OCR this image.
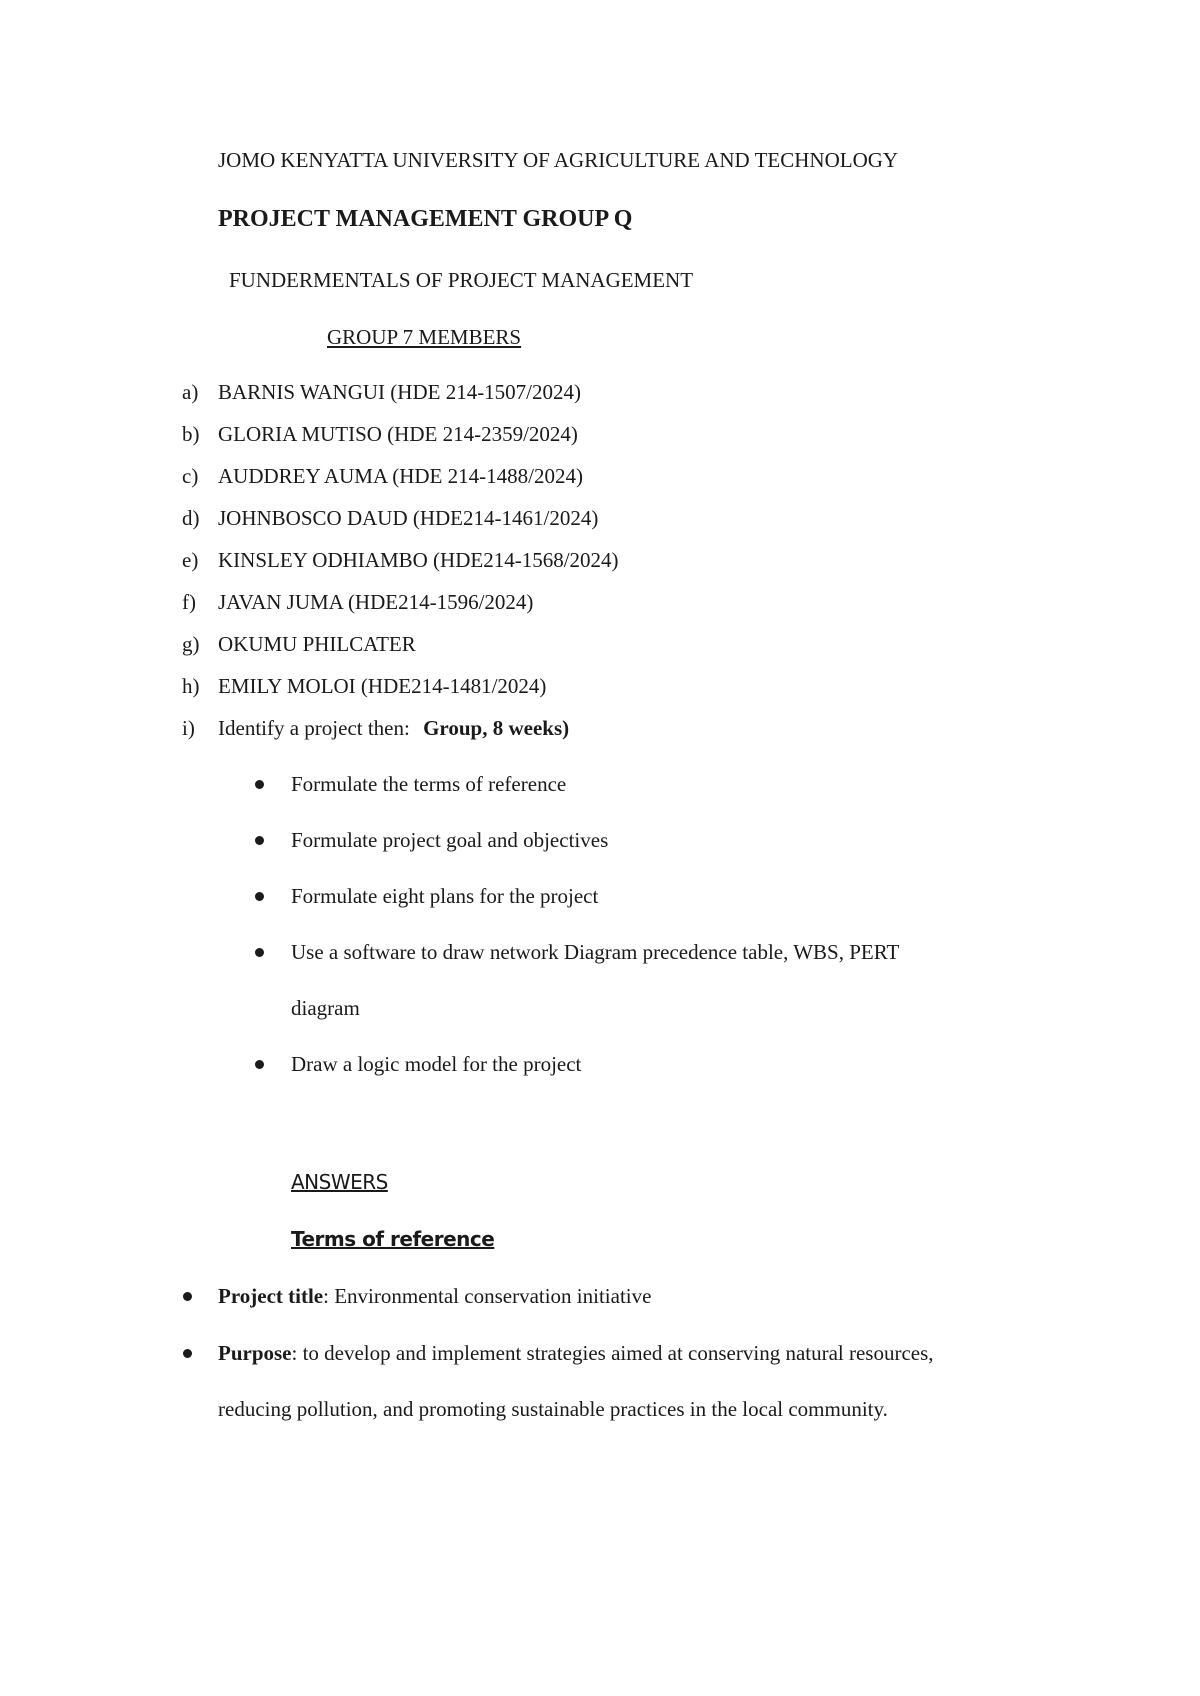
JOMO KENYATTA UNIVERSITY OF AGRICULTURE AND TECHNOLOGY
PROJECT MANAGEMENT GROUP Q
FUNDERMENTALS OF PROJECT MANAGEMENT
GROUP 7 MEMBERS
a) BARNIS WANGUI (HDE 214-1507/2024)
b) GLORIA MUTISO (HDE 214-2359/2024)
c) AUDDREY AUMA (HDE 214-1488/2024)
d) JOHNBOSCO DAUD (HDE214-1461/2024)
e) KINSLEY ODHIAMBO (HDE214-1568/2024)
f) JAVAN JUMA (HDE214-1596/2024)
g) OKUMU PHILCATER
h) EMILY MOLOI (HDE214-1481/2024)
i) Identify a project then: Group, 8 weeks)
Formulate the terms of reference
Formulate project goal and objectives
Formulate eight plans for the project
Use a software to draw network Diagram precedence table, WBS, PERT
diagram
Draw a logic model for the project
ANSWERS
Terms of reference
Project title: Environmental conservation initiative
Purpose: to develop and implement strategies aimed at conserving natural resources,
reducing pollution, and promoting sustainable practices in the local community.
